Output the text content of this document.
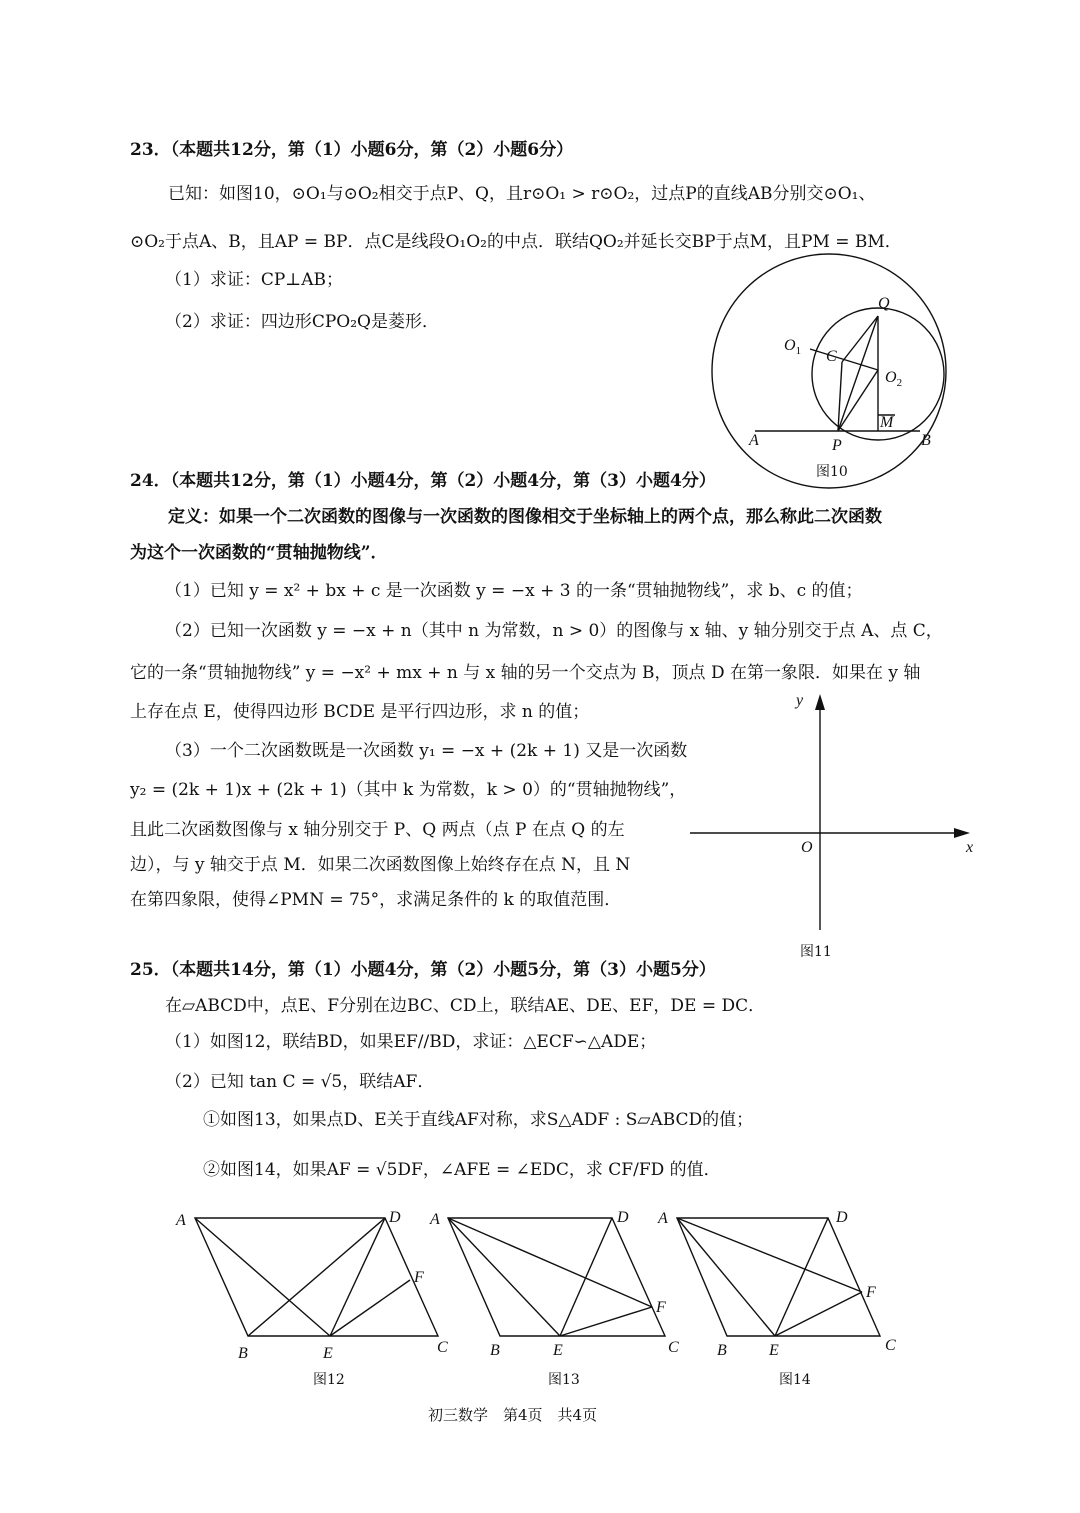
23．（本题共12分，第（1）小题6分，第（2）小题6分）
已知：如图10，⊙O₁与⊙O₂相交于点P、Q，且r⊙O₁ > r⊙O₂，过点P的直线AB分别交⊙O₁、
⊙O₂于点A、B，且AP = BP．点C是线段O₁O₂的中点．联结QO₂并延长交BP于点M，且PM = BM．
（1）求证：CP⊥AB；
（2）求证：四边形CPO₂Q是菱形．
Q
$O_1$ C
$O_2$
M
A	P	B
图10
24．（本题共12分，第（1）小题4分，第（2）小题4分，第（3）小题4分）
定义：如果一个二次函数的图像与一次函数的图像相交于坐标轴上的两个点，那么称此二次函数
为这个一次函数的“贯轴抛物线”．
（1）已知 y = x² + bx + c 是一次函数 y = −x + 3 的一条“贯轴抛物线”，求 b、c 的值；
（2）已知一次函数 y = −x + n（其中 n 为常数，n > 0）的图像与 x 轴、y 轴分别交于点 A、点 C，
它的一条“贯轴抛物线” y = −x² + mx + n 与 x 轴的另一个交点为 B，顶点 D 在第一象限．如果在 y 轴
上存在点 E，使得四边形 BCDE 是平行四边形，求 n 的值；
（3）一个二次函数既是一次函数 y₁ = −x + (2k + 1) 又是一次函数
y₂ = (2k + 1)x + (2k + 1)（其中 k 为常数，k > 0）的“贯轴抛物线”，
且此二次函数图像与 x 轴分别交于 P、Q 两点（点 P 在点 Q 的左
边），与 y 轴交于点 M．如果二次函数图像上始终存在点 N，且 N
在第四象限，使得∠PMN = 75°，求满足条件的 k 的取值范围．
y
x
O
图11
25．（本题共14分，第（1）小题4分，第（2）小题5分，第（3）小题5分）
在▱ABCD中，点E、F分别在边BC、CD上，联结AE、DE、EF，DE = DC．
（1）如图12，联结BD，如果EF//BD，求证：△ECF∽△ADE；
（2）已知 tan C = √5，联结AF．
①如图13，如果点D、E关于直线AF对称，求S△ADF : S▱ABCD的值；
②如图14，如果AF = √5DF，∠AFE = ∠EDC，求 CF/FD 的值．
A	D
F
B	E	C
A	D
F
B	E	C
A	D
F
B	E	C
图12	图13	图14
初三数学　第4页　共4页
